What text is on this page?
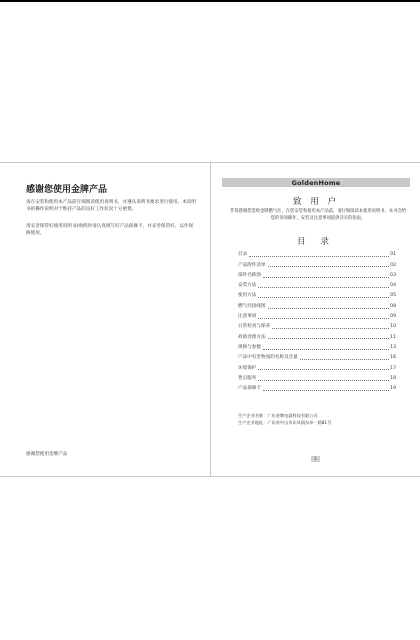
感谢您使用金牌产品
请在安装和使用本产品前仔细阅读使用说明书，并遵从说明书要求进行使用。本说明书的操作说明对于维持产品的良好工作状况十分重要。
请妥善保管好使用说明书(购机时请认真填写好产品保修卡，并妥善保管好，以作保修使用。
感谢您使用金牌产品
GoldenHome
致 用 户
非常感谢您选购金牌燃气灶，在您安装和使用本产品前，请仔细阅读本使用说明书，本书会给您的各项操作、安装及注意事项提供详实的指南。
目 录
目录	01
产品附件清单	02
部件名称图	03
安装方法	04
使用方法	05
燃气灶接线图	08
注意事项	09
日常检查与保养	10
故障处理方法	11
规格与参数	13
产品中有害物质的名称及含量	16
环境保护	17
售后服务	18
产品保修卡	19
生产企业名称：广东金牌电器科技有限公司
生产企业地址：广东省中山市东凤镇东阜一路81号
1
